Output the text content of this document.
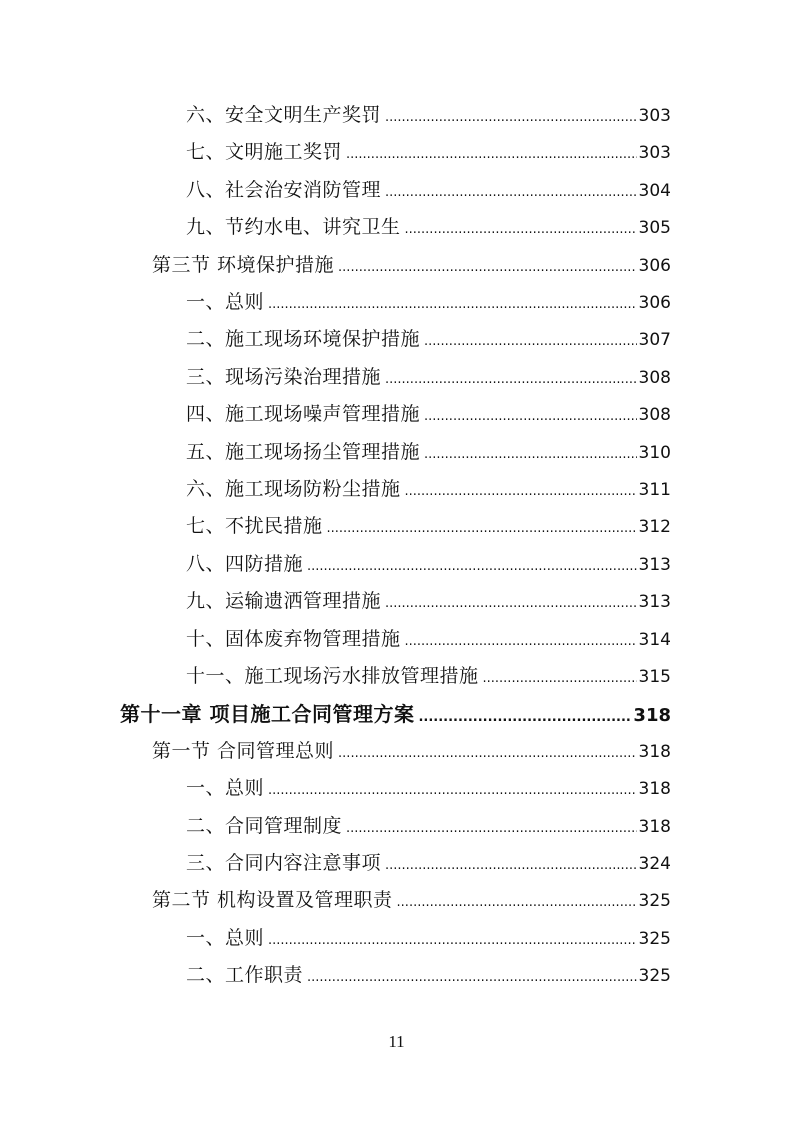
六、安全文明生产奖罚 .....	303
七、文明施工奖罚 .....	303
八、社会治安消防管理 .....	304
九、节约水电、讲究卫生 .....	305
第三节 环境保护措施 .....	306
一、总则 .....	306
二、施工现场环境保护措施 .....	307
三、现场污染治理措施 .....	308
四、施工现场噪声管理措施 .....	308
五、施工现场扬尘管理措施 .....	310
六、施工现场防粉尘措施 .....	311
七、不扰民措施 .....	312
八、四防措施 .....	313
九、运输遗洒管理措施 .....	313
十、固体废弃物管理措施 .....	314
十一、施工现场污水排放管理措施 .....	315
第十一章 项目施工合同管理方案 .....	318
第一节 合同管理总则 .....	318
一、总则 .....	318
二、合同管理制度 .....	318
三、合同内容注意事项 .....	324
第二节 机构设置及管理职责 .....	325
一、总则 .....	325
二、工作职责 .....	325
11
